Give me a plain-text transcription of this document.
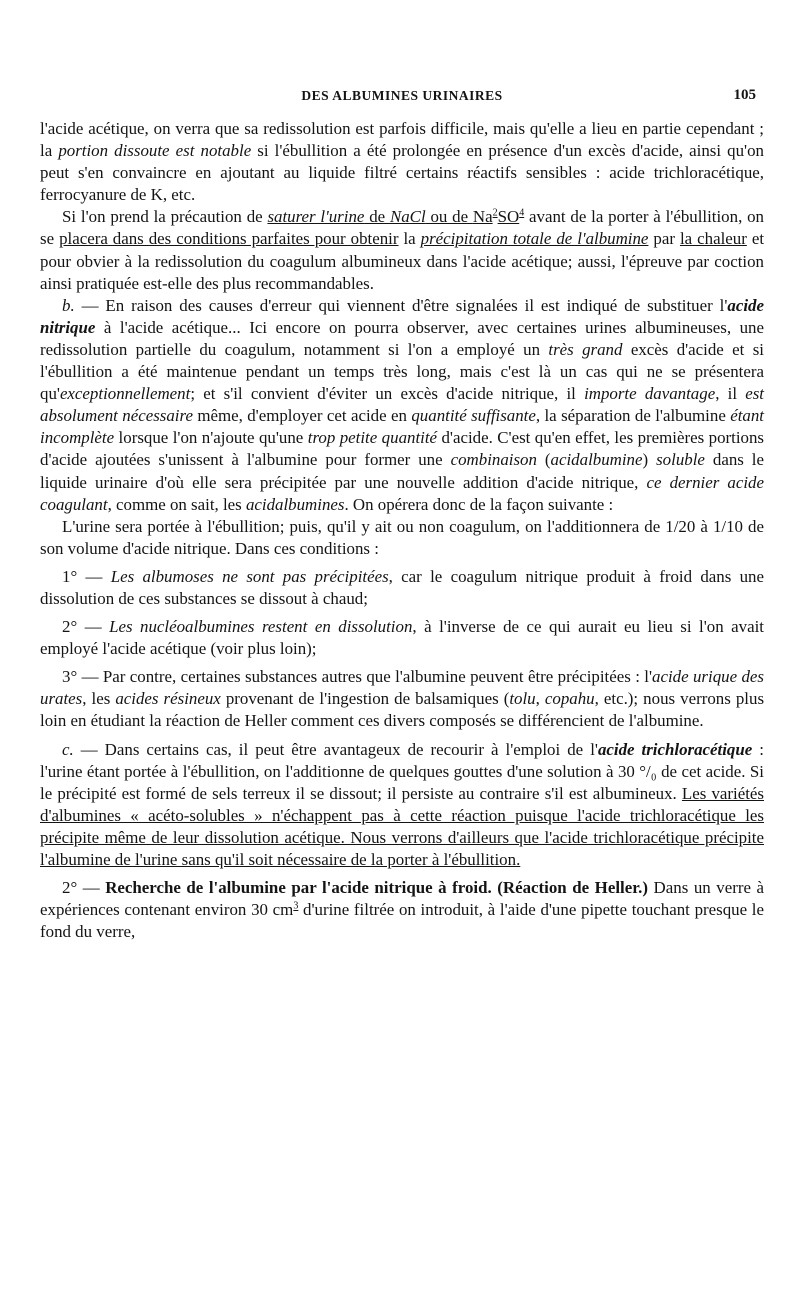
DES ALBUMINES URINAIRES	105

l'acide acétique, on verra que sa redissolution est parfois difficile, mais qu'elle a lieu en partie cependant ; la portion dissoute est notable si l'ébullition a été prolongée en présence d'un excès d'acide, ainsi qu'on peut s'en convaincre en ajoutant au liquide filtré certains réactifs sensibles : acide trichloracétique, ferrocyanure de K, etc.

Si l'on prend la précaution de saturer l'urine de NaCl ou de $Na^2SO^4$ avant de la porter à l'ébullition, on se placera dans des conditions parfaites pour obtenir la précipitation totale de l'albumine par la chaleur et pour obvier à la redissolution du coagulum albumineux dans l'acide acétique; aussi, l'épreuve par coction ainsi pratiquée est-elle des plus recommandables.

b. — En raison des causes d'erreur qui viennent d'être signalées il est indiqué de substituer l'acide nitrique à l'acide acétique... Ici encore on pourra observer, avec certaines urines albumineuses, une redissolution partielle du coagulum, notamment si l'on a employé un très grand excès d'acide et si l'ébullition a été maintenue pendant un temps très long, mais c'est là un cas qui ne se présentera qu'exceptionnellement; et s'il convient d'éviter un excès d'acide nitrique, il importe davantage, il est absolument nécessaire même, d'employer cet acide en quantité suffisante, la séparation de l'albumine étant incomplète lorsque l'on n'ajoute qu'une trop petite quantité d'acide. C'est qu'en effet, les premières portions d'acide ajoutées s'unissent à l'albumine pour former une combinaison (acidalbumine) soluble dans le liquide urinaire d'où elle sera précipitée par une nouvelle addition d'acide nitrique, ce dernier acide coagulant, comme on sait, les acidalbumines. On opérera donc de la façon suivante :

L'urine sera portée à l'ébullition; puis, qu'il y ait ou non coagulum, on l'additionnera de 1/20 à 1/10 de son volume d'acide nitrique. Dans ces conditions :

1° — Les albumoses ne sont pas précipitées, car le coagulum nitrique produit à froid dans une dissolution de ces substances se dissout à chaud;

2° — Les nucléoalbumines restent en dissolution, à l'inverse de ce qui aurait eu lieu si l'on avait employé l'acide acétique (voir plus loin);

3° — Par contre, certaines substances autres que l'albumine peuvent être précipitées : l'acide urique des urates, les acides résineux provenant de l'ingestion de balsamiques (tolu, copahu, etc.); nous verrons plus loin en étudiant la réaction de Heller comment ces divers composés se différencient de l'albumine.

c. — Dans certains cas, il peut être avantageux de recourir à l'emploi de l'acide trichloracétique : l'urine étant portée à l'ébullition, on l'additionne de quelques gouttes d'une solution à 30 °/₀ de cet acide. Si le précipité est formé de sels terreux il se dissout; il persiste au contraire s'il est albumineux. Les variétés d'albumines « acéto-solubles » n'échappent pas à cette réaction puisque l'acide trichloracétique les précipite même de leur dissolution acétique. Nous verrons d'ailleurs que l'acide trichloracétique précipite l'albumine de l'urine sans qu'il soit nécessaire de la porter à l'ébullition.

2° — Recherche de l'albumine par l'acide nitrique à froid. (Réaction de Heller.) Dans un verre à expériences contenant environ 30 $cm^3$ d'urine filtrée on introduit, à l'aide d'une pipette touchant presque le fond du verre,
